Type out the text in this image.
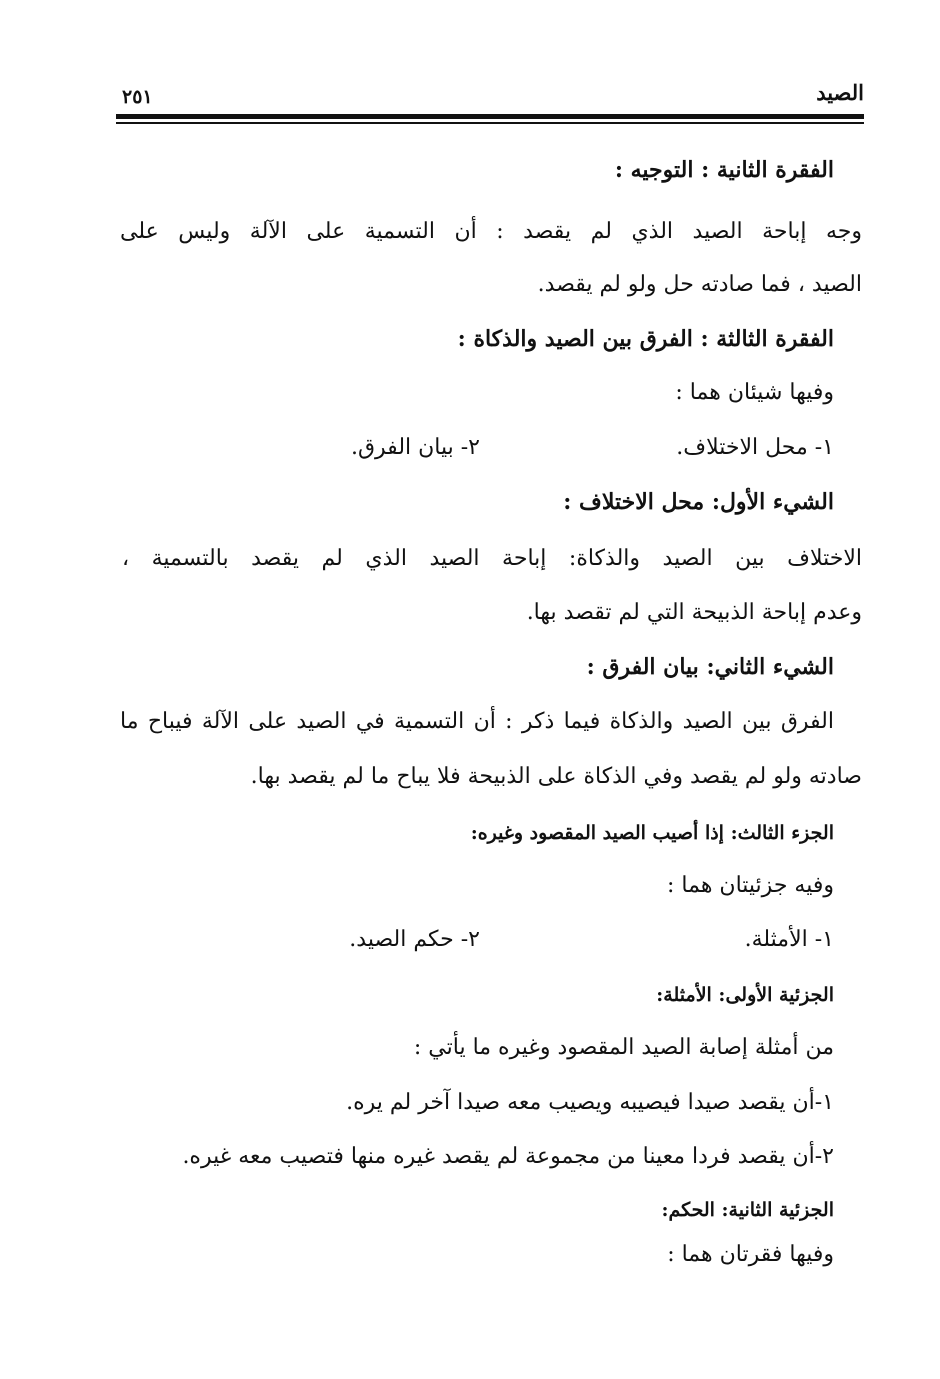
الصيد
٢٥١
الفقرة الثانية : التوجيه :
وجه إباحة الصيد الذي لم يقصد : أن التسمية على الآلة وليس على
الصيد ، فما صادته حل ولو لم يقصد.
الفقرة الثالثة : الفرق بين الصيد والذكاة :
وفيها شيئان هما :
١- محل الاختلاف.
٢- بيان الفرق.
الشيء الأول: محل الاختلاف :
الاختلاف بين الصيد والذكاة: إباحة الصيد الذي لم يقصد بالتسمية ،
وعدم إباحة الذبيحة التي لم تقصد بها.
الشيء الثاني: بيان الفرق :
الفرق بين الصيد والذكاة فيما ذكر : أن التسمية في الصيد على الآلة فيباح ما
صادته ولو لم يقصد وفي الذكاة على الذبيحة فلا يباح ما لم يقصد بها.
الجزء الثالث: إذا أصيب الصيد المقصود وغيره:
وفيه جزئيتان هما :
١- الأمثلة.
٢- حكم الصيد.
الجزئية الأولى: الأمثلة:
من أمثلة إصابة الصيد المقصود وغيره ما يأتي :
١-أن يقصد صيدا فيصيبه ويصيب معه صيدا آخر لم يره.
٢-أن يقصد فردا معينا من مجموعة لم يقصد غيره منها فتصيب معه غيره.
الجزئية الثانية: الحكم:
وفيها فقرتان هما :
